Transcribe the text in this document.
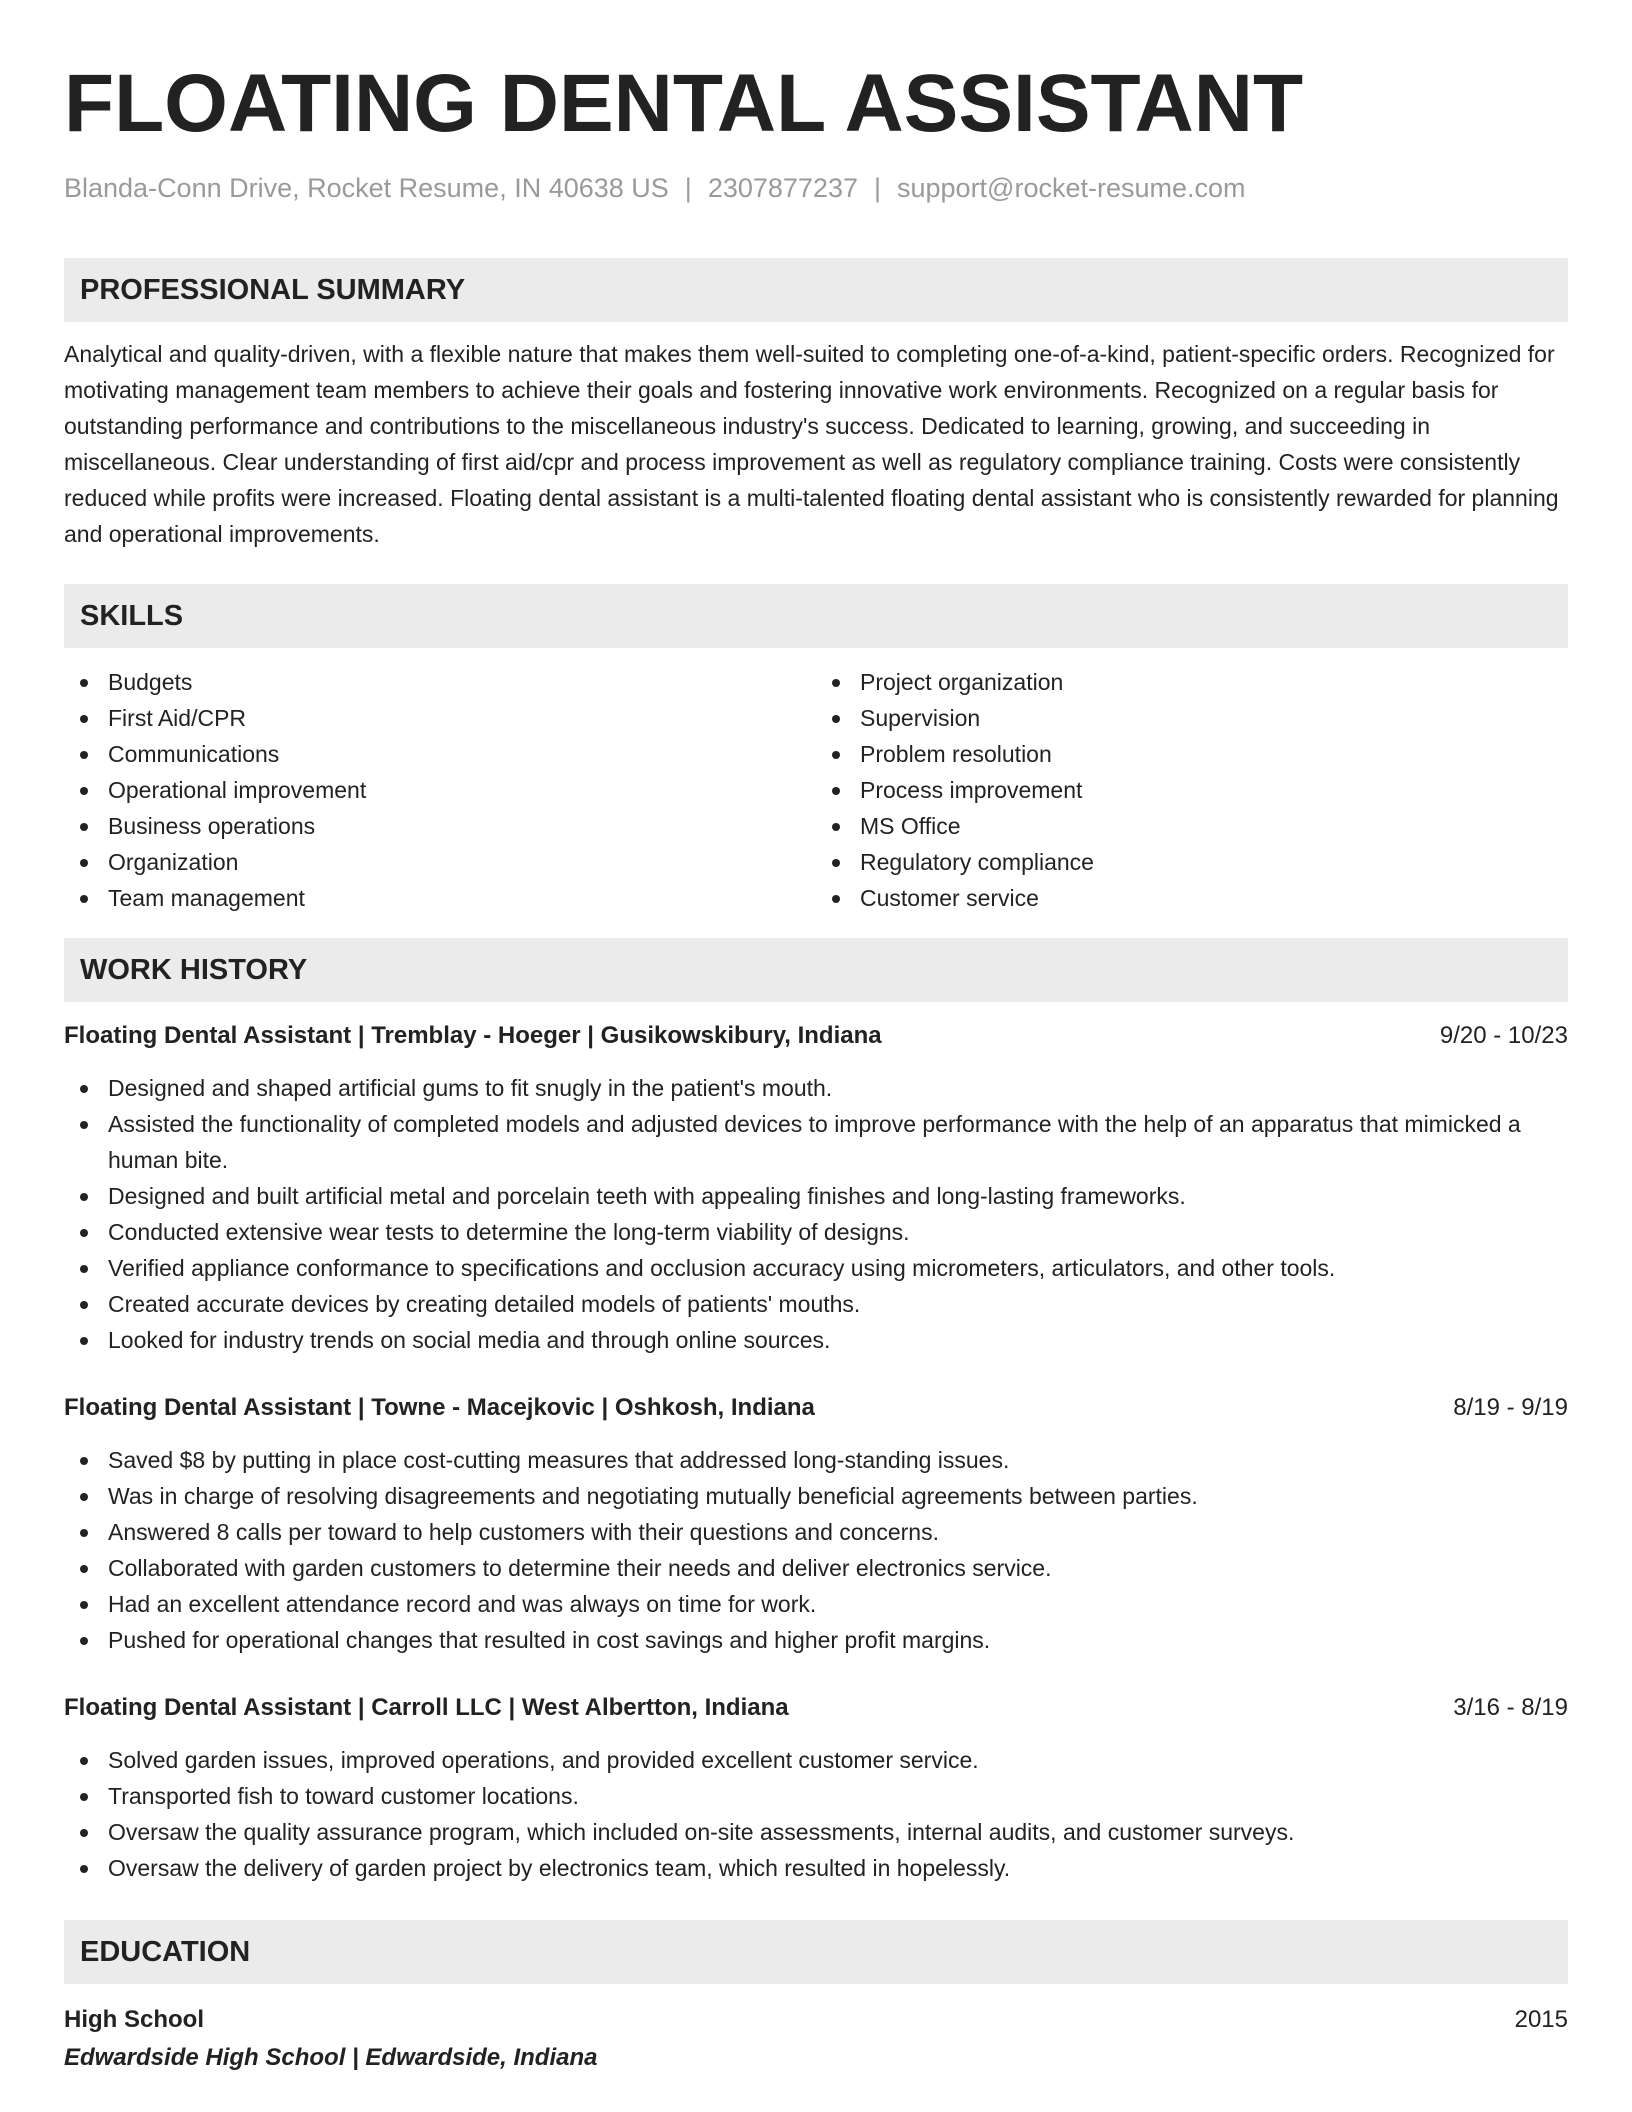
FLOATING DENTAL ASSISTANT
Blanda-Conn Drive, Rocket Resume, IN 40638 US | 2307877237 | support@rocket-resume.com
PROFESSIONAL SUMMARY
Analytical and quality-driven, with a flexible nature that makes them well-suited to completing one-of-a-kind, patient-specific orders. Recognized for motivating management team members to achieve their goals and fostering innovative work environments. Recognized on a regular basis for outstanding performance and contributions to the miscellaneous industry's success. Dedicated to learning, growing, and succeeding in miscellaneous. Clear understanding of first aid/cpr and process improvement as well as regulatory compliance training. Costs were consistently reduced while profits were increased. Floating dental assistant is a multi-talented floating dental assistant who is consistently rewarded for planning and operational improvements.
SKILLS
Budgets
First Aid/CPR
Communications
Operational improvement
Business operations
Organization
Team management
Project organization
Supervision
Problem resolution
Process improvement
MS Office
Regulatory compliance
Customer service
WORK HISTORY
Floating Dental Assistant | Tremblay - Hoeger | Gusikowskibury, Indiana	9/20 - 10/23
Designed and shaped artificial gums to fit snugly in the patient's mouth.
Assisted the functionality of completed models and adjusted devices to improve performance with the help of an apparatus that mimicked a human bite.
Designed and built artificial metal and porcelain teeth with appealing finishes and long-lasting frameworks.
Conducted extensive wear tests to determine the long-term viability of designs.
Verified appliance conformance to specifications and occlusion accuracy using micrometers, articulators, and other tools.
Created accurate devices by creating detailed models of patients' mouths.
Looked for industry trends on social media and through online sources.
Floating Dental Assistant | Towne - Macejkovic | Oshkosh, Indiana	8/19 - 9/19
Saved $8 by putting in place cost-cutting measures that addressed long-standing issues.
Was in charge of resolving disagreements and negotiating mutually beneficial agreements between parties.
Answered 8 calls per toward to help customers with their questions and concerns.
Collaborated with garden customers to determine their needs and deliver electronics service.
Had an excellent attendance record and was always on time for work.
Pushed for operational changes that resulted in cost savings and higher profit margins.
Floating Dental Assistant | Carroll LLC | West Albertton, Indiana	3/16 - 8/19
Solved garden issues, improved operations, and provided excellent customer service.
Transported fish to toward customer locations.
Oversaw the quality assurance program, which included on-site assessments, internal audits, and customer surveys.
Oversaw the delivery of garden project by electronics team, which resulted in hopelessly.
EDUCATION
High School	2015
Edwardside High School | Edwardside, Indiana
